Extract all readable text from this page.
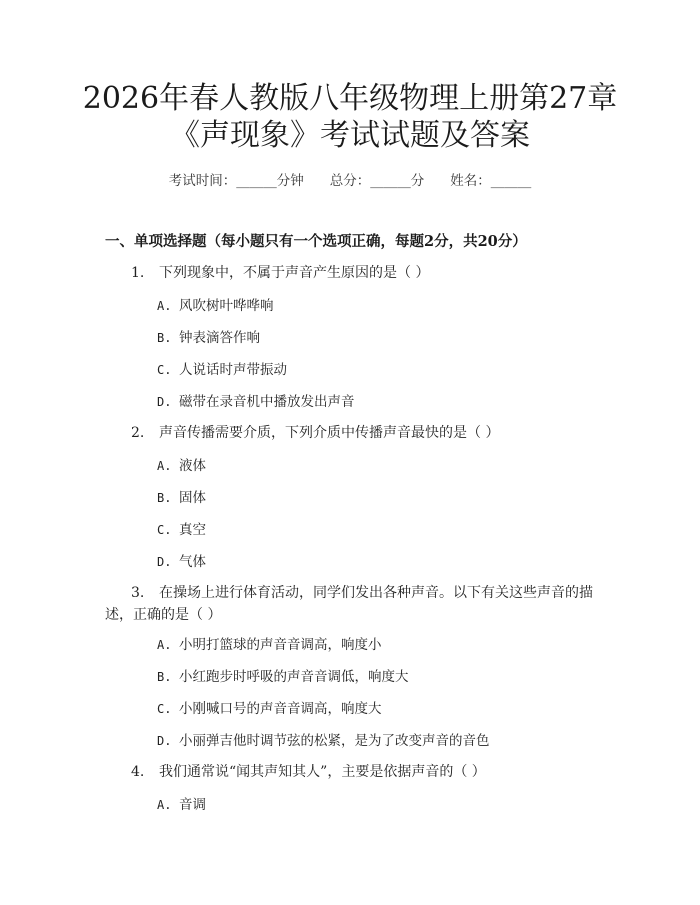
2026年春人教版八年级物理上册第27章
《声现象》考试试题及答案
考试时间：______分钟 总分：______分 姓名：______
一、单项选择题（每小题只有一个选项正确，每题2分，共20分）
1. 下列现象中，不属于声音产生原因的是（ ）
A. 风吹树叶哗哗响
B. 钟表滴答作响
C. 人说话时声带振动
D. 磁带在录音机中播放发出声音
2. 声音传播需要介质，下列介质中传播声音最快的是（ ）
A. 液体
B. 固体
C. 真空
D. 气体
3. 在操场上进行体育活动，同学们发出各种声音。以下有关这些声音的描
述，正确的是（ ）
A. 小明打篮球的声音音调高，响度小
B. 小红跑步时呼吸的声音音调低，响度大
C. 小刚喊口号的声音音调高，响度大
D. 小丽弹吉他时调节弦的松紧，是为了改变声音的音色
4. 我们通常说“闻其声知其人”，主要是依据声音的（ ）
A. 音调
